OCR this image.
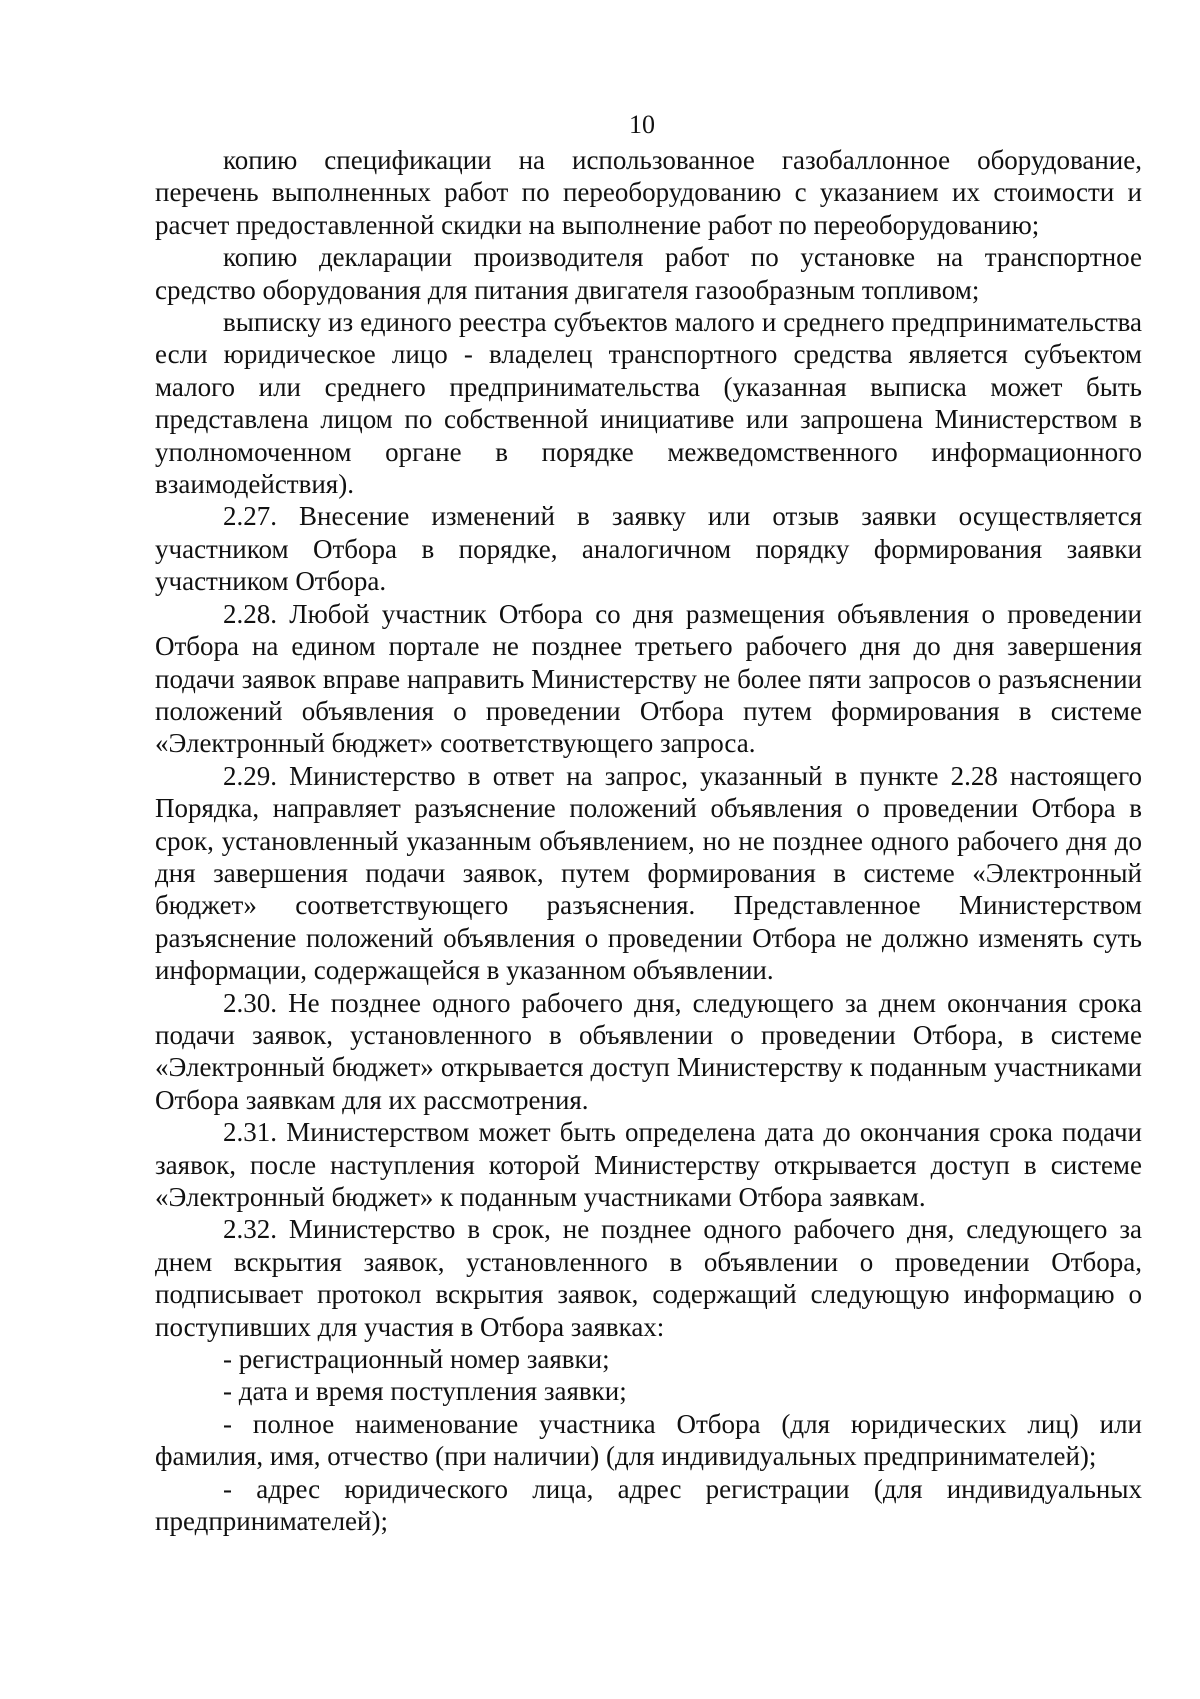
10

копию спецификации на использованное газобаллонное оборудование, перечень выполненных работ по переоборудованию с указанием их стоимости и расчет предоставленной скидки на выполнение работ по переоборудованию;

копию декларации производителя работ по установке на транспортное средство оборудования для питания двигателя газообразным топливом;

выписку из единого реестра субъектов малого и среднего предпринимательства если юридическое лицо - владелец транспортного средства является субъектом малого или среднего предпринимательства (указанная выписка может быть представлена лицом по собственной инициативе или запрошена Министерством в уполномоченном органе в порядке межведомственного информационного взаимодействия).

2.27. Внесение изменений в заявку или отзыв заявки осуществляется участником Отбора в порядке, аналогичном порядку формирования заявки участником Отбора.

2.28. Любой участник Отбора со дня размещения объявления о проведении Отбора на едином портале не позднее третьего рабочего дня до дня завершения подачи заявок вправе направить Министерству не более пяти запросов о разъяснении положений объявления о проведении Отбора путем формирования в системе «Электронный бюджет» соответствующего запроса.

2.29. Министерство в ответ на запрос, указанный в пункте 2.28 настоящего Порядка, направляет разъяснение положений объявления о проведении Отбора в срок, установленный указанным объявлением, но не позднее одного рабочего дня до дня завершения подачи заявок, путем формирования в системе «Электронный бюджет» соответствующего разъяснения. Представленное Министерством разъяснение положений объявления о проведении Отбора не должно изменять суть информации, содержащейся в указанном объявлении.

2.30. Не позднее одного рабочего дня, следующего за днем окончания срока подачи заявок, установленного в объявлении о проведении Отбора, в системе «Электронный бюджет» открывается доступ Министерству к поданным участниками Отбора заявкам для их рассмотрения.

2.31. Министерством может быть определена дата до окончания срока подачи заявок, после наступления которой Министерству открывается доступ в системе «Электронный бюджет» к поданным участниками Отбора заявкам.

2.32. Министерство в срок, не позднее одного рабочего дня, следующего за днем вскрытия заявок, установленного в объявлении о проведении Отбора, подписывает протокол вскрытия заявок, содержащий следующую информацию о поступивших для участия в Отбора заявках:

- регистрационный номер заявки;

- дата и время поступления заявки;

- полное наименование участника Отбора (для юридических лиц) или фамилия, имя, отчество (при наличии) (для индивидуальных предпринимателей);

- адрес юридического лица, адрес регистрации (для индивидуальных предпринимателей);
